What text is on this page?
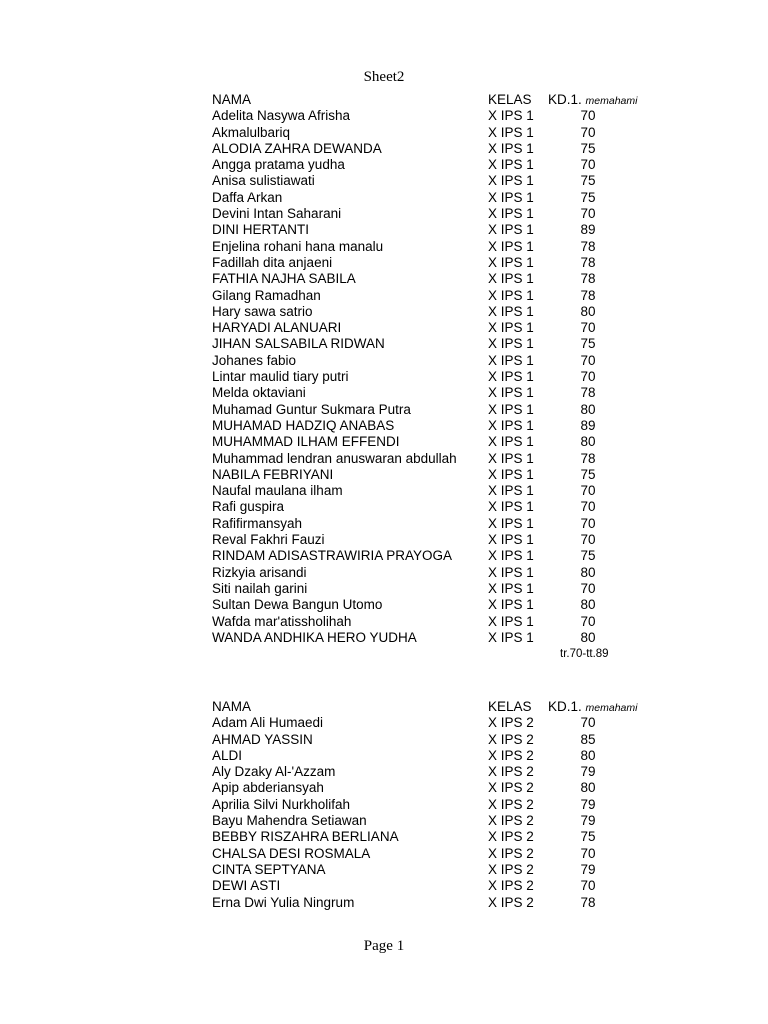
Sheet2
NAMA	KELAS KD.1. memahami
Adelita Nasywa Afrisha	X IPS 1	70
Akmalulbariq	X IPS 1	70
ALODIA ZAHRA DEWANDA	X IPS 1	75
Angga pratama yudha	X IPS 1	70
Anisa sulistiawati	X IPS 1	75
Daffa Arkan	X IPS 1	75
Devini Intan Saharani	X IPS 1	70
DINI HERTANTI	X IPS 1	89
Enjelina rohani hana manalu	X IPS 1	78
Fadillah dita anjaeni	X IPS 1	78
FATHIA NAJHA SABILA	X IPS 1	78
Gilang Ramadhan	X IPS 1	78
Hary sawa satrio	X IPS 1	80
HARYADI ALANUARI	X IPS 1	70
JIHAN SALSABILA RIDWAN	X IPS 1	75
Johanes fabio	X IPS 1	70
Lintar maulid tiary putri	X IPS 1	70
Melda oktaviani	X IPS 1	78
Muhamad Guntur Sukmara Putra	X IPS 1	80
MUHAMAD HADZIQ ANABAS	X IPS 1	89
MUHAMMAD ILHAM EFFENDI	X IPS 1	80
Muhammad lendran anuswaran abdullah	X IPS 1	78
NABILA FEBRIYANI	X IPS 1	75
Naufal maulana ilham	X IPS 1	70
Rafi guspira	X IPS 1	70
Rafifirmansyah	X IPS 1	70
Reval Fakhri Fauzi	X IPS 1	70
RINDAM ADISASTRAWIRIA PRAYOGA	X IPS 1	75
Rizkyia arisandi	X IPS 1	80
Siti nailah garini	X IPS 1	70
Sultan Dewa Bangun Utomo	X IPS 1	80
Wafda mar'atissholihah	X IPS 1	70
WANDA ANDHIKA HERO YUDHA	X IPS 1	80
tr.70-tt.89
NAMA	KELAS KD.1. memahami
Adam Ali Humaedi	X IPS 2	70
AHMAD YASSIN	X IPS 2	85
ALDI	X IPS 2	80
Aly Dzaky Al-'Azzam	X IPS 2	79
Apip abderiansyah	X IPS 2	80
Aprilia Silvi Nurkholifah	X IPS 2	79
Bayu Mahendra Setiawan	X IPS 2	79
BEBBY RISZAHRA BERLIANA	X IPS 2	75
CHALSA DESI ROSMALA	X IPS 2	70
CINTA SEPTYANA	X IPS 2	79
DEWI ASTI	X IPS 2	70
Erna Dwi Yulia Ningrum	X IPS 2	78
Page 1
